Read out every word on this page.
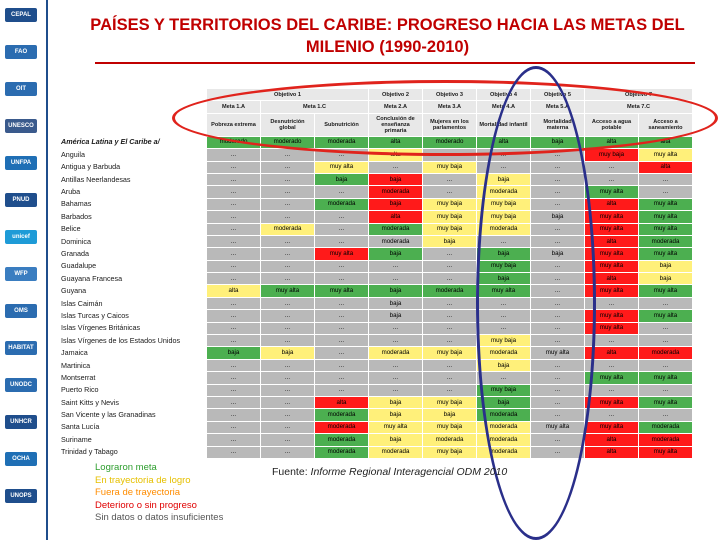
CEPAL
FAO
OIT
UNESCO
UNFPA
PNUD
unicef
WFP
OMS
HABITAT
UNODC
UNHCR
OCHA
UNOPS
PAÍSES Y TERRITORIOS DEL CARIBE: PROGRESO HACIA LAS METAS DEL MILENIO (1990-2010)
	Objetivo 1			Objetivo 2	Objetivo 3	Objetivo 4	Objetivo 5	Objetivo 7	
	Meta 1.A	Meta 1.C		Meta 2.A	Meta 3.A	Meta 4.A	Meta 5.A	Meta 7.C	
	Pobreza extrema	Desnutrición global	Subnutrición	Conclusión de enseñanza primaria	Mujeres en los parlamentos	Mortalidad infantil	Mortalidad materna	Acceso a agua potable	Acceso a saneamiento
América Latina y El Caribe a/	moderado	moderado	moderada	alta	moderado	alta	baja	alta	alta
Anguila	...	...	...	alta	...	...	...	muy baja	muy alta
Antigua y Barbuda	...	...	muy alta	...	muy baja	...	...	...	alta
Antillas Neerlandesas	...	...	baja	baja	...	baja	...	...	...
Aruba	...	...	...	moderada	...	moderada	...	muy alta	...
Bahamas	...	...	moderada	baja	muy baja	muy baja	...	alta	muy alta
Barbados	...	...	...	alta	muy baja	muy baja	baja	muy alta	muy alta
Belice	...	moderada	...	moderada	muy baja	moderada	...	muy alta	muy alta
Dominica	...	...	...	moderada	baja	...	...	alta	moderada
Granada	...	...	muy alta	baja	...	baja	baja	muy alta	muy alta
Guadalupe	...	...	...	...	...	muy baja	...	muy alta	baja
Guayana Francesa	...	...	...	...	...	baja	...	alta	baja
Guyana	alta	muy alta	muy alta	baja	moderada	muy alta	...	muy alta	muy alta
Islas Caimán	...	...	...	baja	...	...	...	...	...
Islas Turcas y Caicos	...	...	...	baja	...	...	...	muy alta	muy alta
Islas Vírgenes Británicas	...	...	...	...	...	...	...	muy alta	...
Islas Vírgenes de los Estados Unidos	...	...	...	...	...	muy baja	...	...	...
Jamaica	baja	baja	...	moderada	muy baja	moderada	muy alta	alta	moderada
Martinica	...	...	...	...	...	baja	...	...	...
Montserrat	...	...	...	...	...	...	...	muy alta	muy alta
Puerto Rico	...	...	...	...	...	muy baja	...	...	...
Saint Kitts y Nevis	...	...	alta	baja	muy baja	baja	...	muy alta	muy alta
San Vicente y las Granadinas	...	...	moderada	baja	baja	moderada	...	...	...
Santa Lucía	...	...	moderada	muy alta	muy baja	moderada	muy alta	muy alta	moderada
Suriname	...	...	moderada	baja	moderada	moderada	...	alta	moderada
Trinidad y Tabago	...	...	moderada	moderada	muy baja	moderada	...	alta	muy alta
Lograron meta
En trayectoria de logro
Fuera de trayectoria
Deterioro o sin progreso
Sin datos o datos insuficientes
Fuente: Informe Regional Interagencial ODM 2010
